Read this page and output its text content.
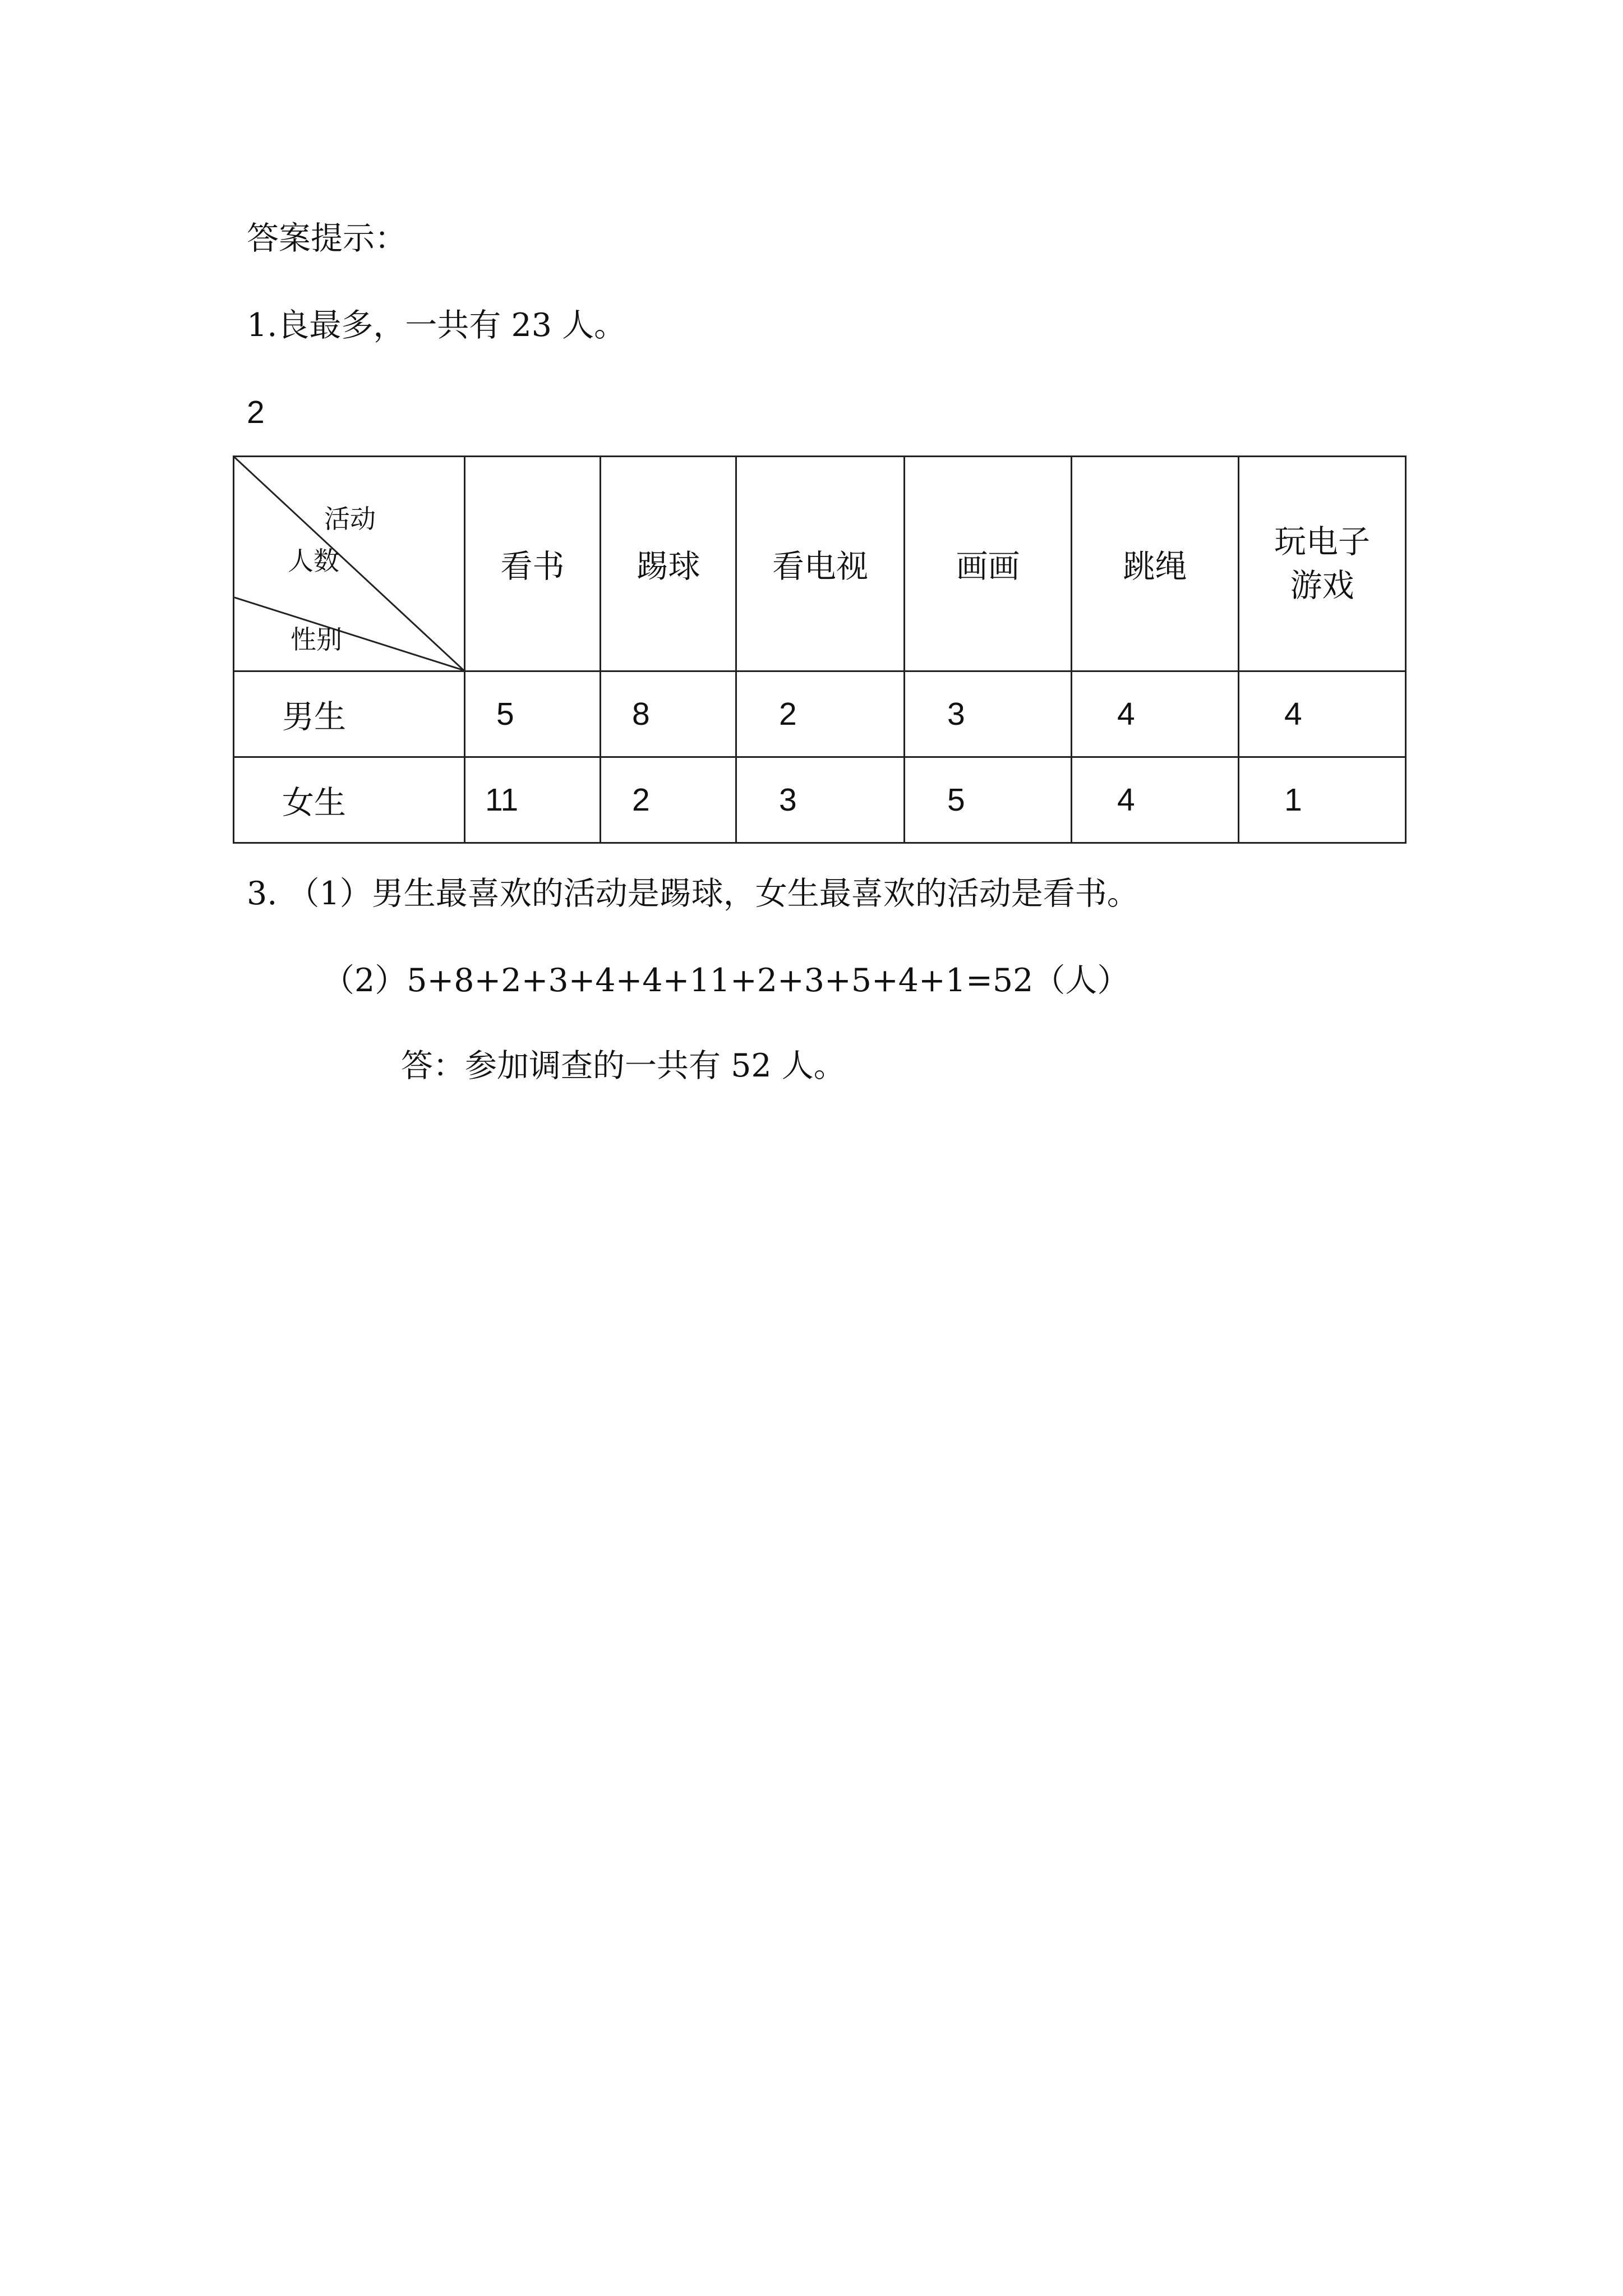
答案提示：
1.良最多，一共有 23 人。
2
活动
人数
性别	看书	踢球	看电视	画画	跳绳	玩电子
游戏

男生	5	8	2	3	4	4
女生	11	2	3	5	4	1
3. （1）男生最喜欢的活动是踢球，女生最喜欢的活动是看书。
（2）5+8+2+3+4+4+11+2+3+5+4+1=52（人）
答：参加调查的一共有 52 人。
